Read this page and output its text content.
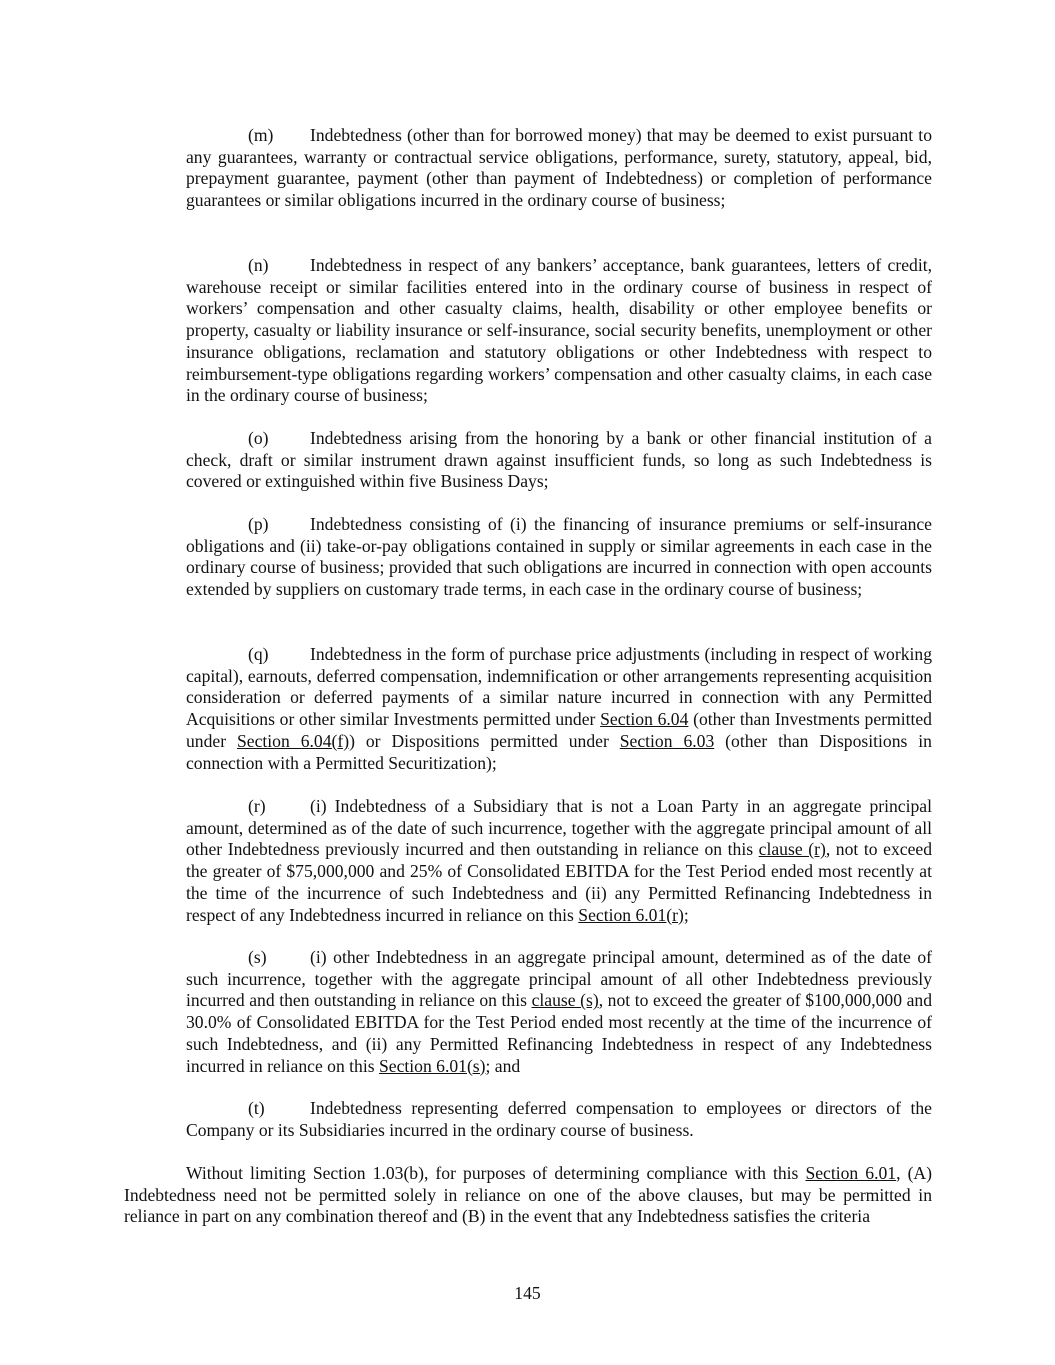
(m) Indebtedness (other than for borrowed money) that may be deemed to exist pursuant to any guarantees, warranty or contractual service obligations, performance, surety, statutory, appeal, bid, prepayment guarantee, payment (other than payment of Indebtedness) or completion of performance guarantees or similar obligations incurred in the ordinary course of business;

(n) Indebtedness in respect of any bankers’ acceptance, bank guarantees, letters of credit, warehouse receipt or similar facilities entered into in the ordinary course of business in respect of workers’ compensation and other casualty claims, health, disability or other employee benefits or property, casualty or liability insurance or self-insurance, social security benefits, unemployment or other insurance obligations, reclamation and statutory obligations or other Indebtedness with respect to reimbursement-type obligations regarding workers’ compensation and other casualty claims, in each case in the ordinary course of business;

(o) Indebtedness arising from the honoring by a bank or other financial institution of a check, draft or similar instrument drawn against insufficient funds, so long as such Indebtedness is covered or extinguished within five Business Days;

(p) Indebtedness consisting of (i) the financing of insurance premiums or self-insurance obligations and (ii) take-or-pay obligations contained in supply or similar agreements in each case in the ordinary course of business; provided that such obligations are incurred in connection with open accounts extended by suppliers on customary trade terms, in each case in the ordinary course of business;

(q) Indebtedness in the form of purchase price adjustments (including in respect of working capital), earnouts, deferred compensation, indemnification or other arrangements representing acquisition consideration or deferred payments of a similar nature incurred in connection with any Permitted Acquisitions or other similar Investments permitted under Section 6.04 (other than Investments permitted under Section 6.04(f)) or Dispositions permitted under Section 6.03 (other than Dispositions in connection with a Permitted Securitization);

(r)	(i) Indebtedness of a Subsidiary that is not a Loan Party in an aggregate principal amount, determined as of the date of such incurrence, together with the aggregate principal amount of all other Indebtedness previously incurred and then outstanding in reliance on this clause (r), not to exceed the greater of $75,000,000 and 25% of Consolidated EBITDA for the Test Period ended most recently at the time of the incurrence of such Indebtedness and (ii) any Permitted Refinancing Indebtedness in respect of any Indebtedness incurred in reliance on this Section 6.01(r);

(s) (i) other Indebtedness in an aggregate principal amount, determined as of the date of such incurrence, together with the aggregate principal amount of all other Indebtedness previously incurred and then outstanding in reliance on this clause (s), not to exceed the greater of $100,000,000 and 30.0% of Consolidated EBITDA for the Test Period ended most recently at the time of the incurrence of such Indebtedness, and (ii) any Permitted Refinancing Indebtedness in respect of any Indebtedness incurred in reliance on this Section 6.01(s); and

(t)	Indebtedness representing deferred compensation to employees or directors of the Company or its Subsidiaries incurred in the ordinary course of business.

Without limiting Section 1.03(b), for purposes of determining compliance with this Section 6.01, (A) Indebtedness need not be permitted solely in reliance on one of the above clauses, but may be permitted in reliance in part on any combination thereof and (B) in the event that any Indebtedness satisfies the criteria

145
